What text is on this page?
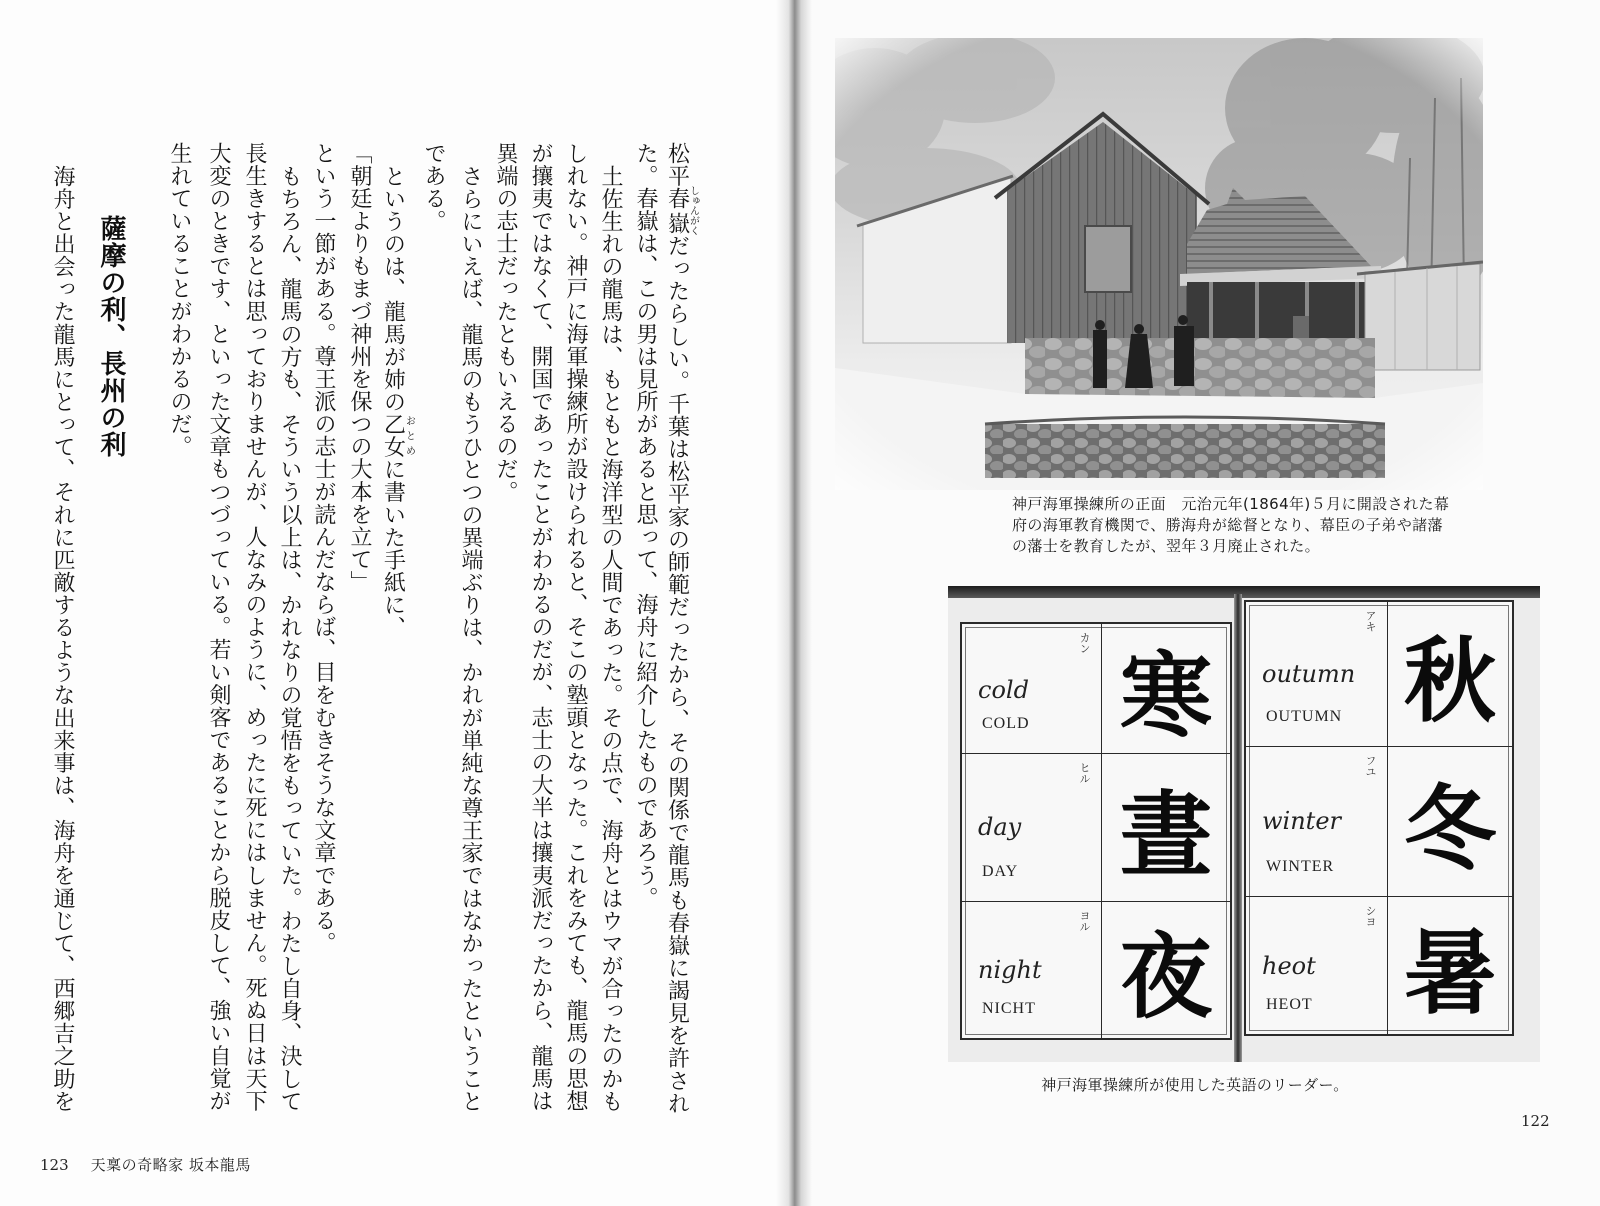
松平春嶽しゅんがくだったらしい。千葉は松平家の師範だったから、その関係で龍馬も春嶽に謁見を許され
た。春嶽は、この男は見所があると思って、海舟に紹介したものであろう。
土佐生れの龍馬は、もともと海洋型の人間であった。その点で、海舟とはウマが合ったのかも
しれない。神戸に海軍操練所が設けられると、そこの塾頭となった。これをみても、龍馬の思想
が攘夷ではなくて、開国であったことがわかるのだが、志士の大半は攘夷派だったから、龍馬は
異端の志士だったともいえるのだ。
さらにいえば、龍馬のもうひとつの異端ぶりは、かれが単純な尊王家ではなかったということ
である。
というのは、龍馬が姉の乙女おとめに書いた手紙に、
「朝廷よりもまづ神州を保つの大本を立て」
という一節がある。尊王派の志士が読んだならば、目をむきそうな文章である。
もちろん、龍馬の方も、そういう以上は、かれなりの覚悟をもっていた。わたし自身、決して
長生きするとは思っておりませんが、人なみのように、めったに死にはしません。死ぬ日は天下
大変のときです、といった文章もつづっている。若い剣客であることから脱皮して、強い自覚が
生れていることがわかるのだ。
薩摩の利、長州の利
海舟と出会った龍馬にとって、それに匹敵するような出来事は、海舟を通じて、西郷吉之助を
123 天稟の奇略家 坂本龍馬
神戸海軍操練所の正面　元治元年(1864年)５月に開設された幕
府の海軍教育機関で、勝海舟が総督となり、幕臣の子弟や諸藩
の藩士を教育したが、翌年３月廃止された。
カン
cold
COLD 寒
ヒル
day
DAY 晝
ヨル
night
NICHT 夜
アキ
outumn
OUTUMN 秋
フユ
winter
WINTER 冬
シヨ
heot
HEOT 暑
神戸海軍操練所が使用した英語のリーダー。
122
